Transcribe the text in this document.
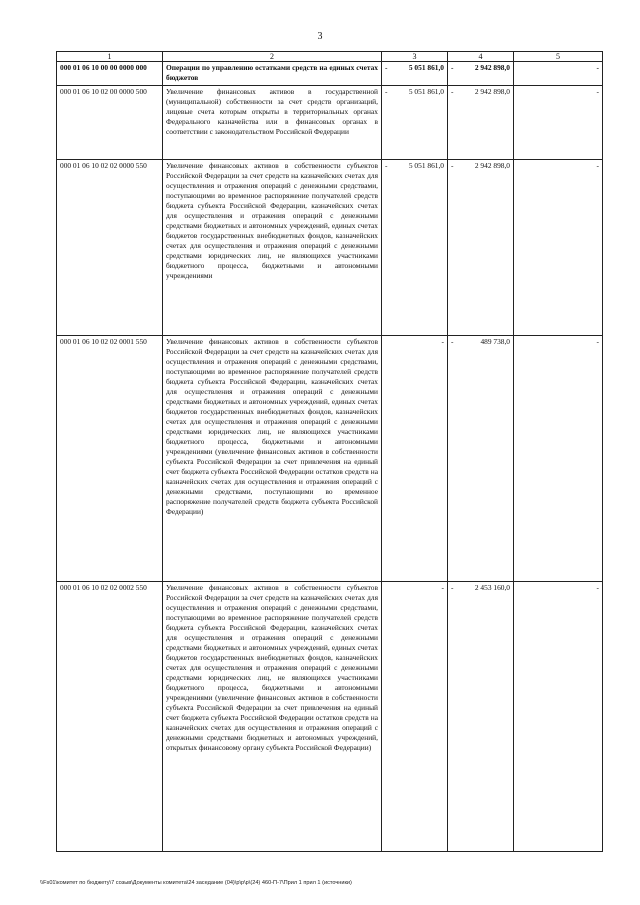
3
1	2	3	4	5
000 01 06 10 00 00 0000 000	Операции по управлению остатками средств на единых счетах бюджетов	- 5 051 861,0	- 2 942 898,0	-
000 01 06 10 02 00 0000 500	Увеличение финансовых активов в государственной (муниципальной) собственности за счет средств организаций, лицевые счета которым открыты в территориальных органах Федерального казначейства или в финансовых органах в соответствии с законодательством Российской Федерации	- 5 051 861,0	- 2 942 898,0	-
000 01 06 10 02 02 0000 550	Увеличение финансовых активов в собственности субъектов Российской Федерации за счет средств на казначейских счетах для осуществления и отражения операций с денежными средствами, поступающими во временное распоряжение получателей средств бюджета субъекта Российской Федерации, казначейских счетах для осуществления и отражения операций с денежными средствами бюджетных и автономных учреждений, единых счетах бюджетов государственных внебюджетных фондов, казначейских счетах для осуществления и отражения операций с денежными средствами юридических лиц, не являющихся участниками бюджетного процесса, бюджетными и автономными учреждениями	- 5 051 861,0	- 2 942 898,0	-
000 01 06 10 02 02 0001 550	Увеличение финансовых активов в собственности субъектов Российской Федерации за счет средств на казначейских счетах для осуществления и отражения операций с денежными средствами, поступающими во временное распоряжение получателей средств бюджета субъекта Российской Федерации, казначейских счетах для осуществления и отражения операций с денежными средствами бюджетных и автономных учреждений, единых счетах бюджетов государственных внебюджетных фондов, казначейских счетах для осуществления и отражения операций с денежными средствами юридических лиц, не являющихся участниками бюджетного процесса, бюджетными и автономными учреждениями (увеличение финансовых активов в собственности субъекта Российской Федерации за счет привлечения на единый счет бюджета субъекта Российской Федерации остатков средств на казначейских счетах для осуществления и отражения операций с денежными средствами, поступающими во временное распоряжение получателей средств бюджета субъекта Российской Федерации)	-	- 489 738,0	-
000 01 06 10 02 02 0002 550	Увеличение финансовых активов в собственности субъектов Российской Федерации за счет средств на казначейских счетах для осуществления и отражения операций с денежными средствами, поступающими во временное распоряжение получателей средств бюджета субъекта Российской Федерации, казначейских счетах для осуществления и отражения операций с денежными средствами бюджетных и автономных учреждений, единых счетах бюджетов государственных внебюджетных фондов, казначейских счетах для осуществления и отражения операций с денежными средствами юридических лиц, не являющихся участниками бюджетного процесса, бюджетными и автономными учреждениями (увеличение финансовых активов в собственности субъекта Российской Федерации за счет привлечения на единый счет бюджета субъекта Российской Федерации остатков средств на казначейских счетах для осуществления и отражения операций с денежными средствами бюджетных и автономных учреждений, открытых финансовому органу субъекта Российской Федерации)	-	- 2 453 160,0	-
\\Fs01\комитет по бюджету\7 созыв\Документы комитета\24 заседание (04)\p\р\p\(24) 460-П-7\Прил 1 прил 1 (источники)
